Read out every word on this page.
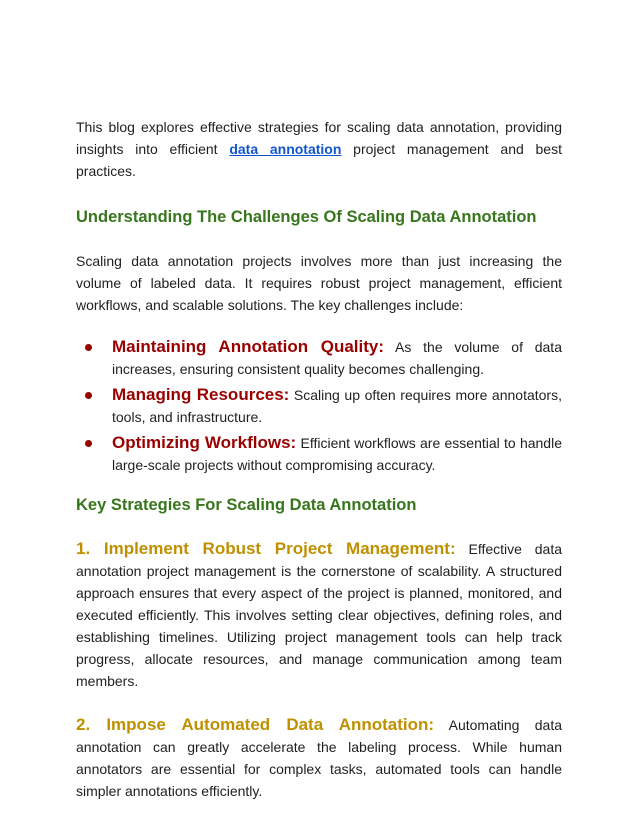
This blog explores effective strategies for scaling data annotation, providing insights into efficient data annotation project management and best practices.

Understanding The Challenges Of Scaling Data Annotation

Scaling data annotation projects involves more than just increasing the volume of labeled data. It requires robust project management, efficient workflows, and scalable solutions. The key challenges include:

Maintaining Annotation Quality: As the volume of data increases, ensuring consistent quality becomes challenging.
Managing Resources: Scaling up often requires more annotators, tools, and infrastructure.
Optimizing Workflows: Efficient workflows are essential to handle large-scale projects without compromising accuracy.
Key Strategies For Scaling Data Annotation

1. Implement Robust Project Management: Effective data annotation project management is the cornerstone of scalability. A structured approach ensures that every aspect of the project is planned, monitored, and executed efficiently. This involves setting clear objectives, defining roles, and establishing timelines. Utilizing project management tools can help track progress, allocate resources, and manage communication among team members.

2. Impose Automated Data Annotation: Automating data annotation can greatly accelerate the labeling process. While human annotators are essential for complex tasks, automated tools can handle simpler annotations efficiently.
